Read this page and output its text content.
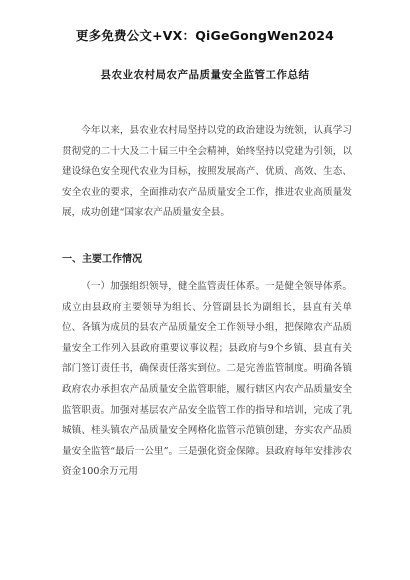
更多免费公文+VX：QiGeGongWen2024
县农业农村局农产品质量安全监管工作总结
今年以来，县农业农村局坚持以党的政治建设为统领，认真学习贯彻党的二十大及二十届三中全会精神，始终坚持以党建为引领，以建设绿色安全现代农业为目标，按照发展高产、优质、高效、生态、安全农业的要求，全面推动农产品质量安全工作，推进农业高质量发展，成功创建“国家农产品质量安全县。
一、主要工作情况
（一）加强组织领导，健全监管责任体系。一是健全领导体系。成立由县政府主要领导为组长、分管副县长为副组长，县直有关单位、各镇为成员的县农产品质量安全工作领导小组，把保障农产品质量安全工作列入县政府重要议事议程；县政府与9个乡镇、县直有关部门签订责任书，确保责任落实到位。二是完善监管制度。明确各镇政府农办承担农产品质量安全监管职能，履行辖区内农产品质量安全监管职责。加强对基层农产品安全监管工作的指导和培训，完成了乳城镇、桂头镇农产品质量安全网格化监管示范镇创建，夯实农产品质量安全监管“最后一公里”。三是强化资金保障。县政府每年安排涉农资金100余万元用
